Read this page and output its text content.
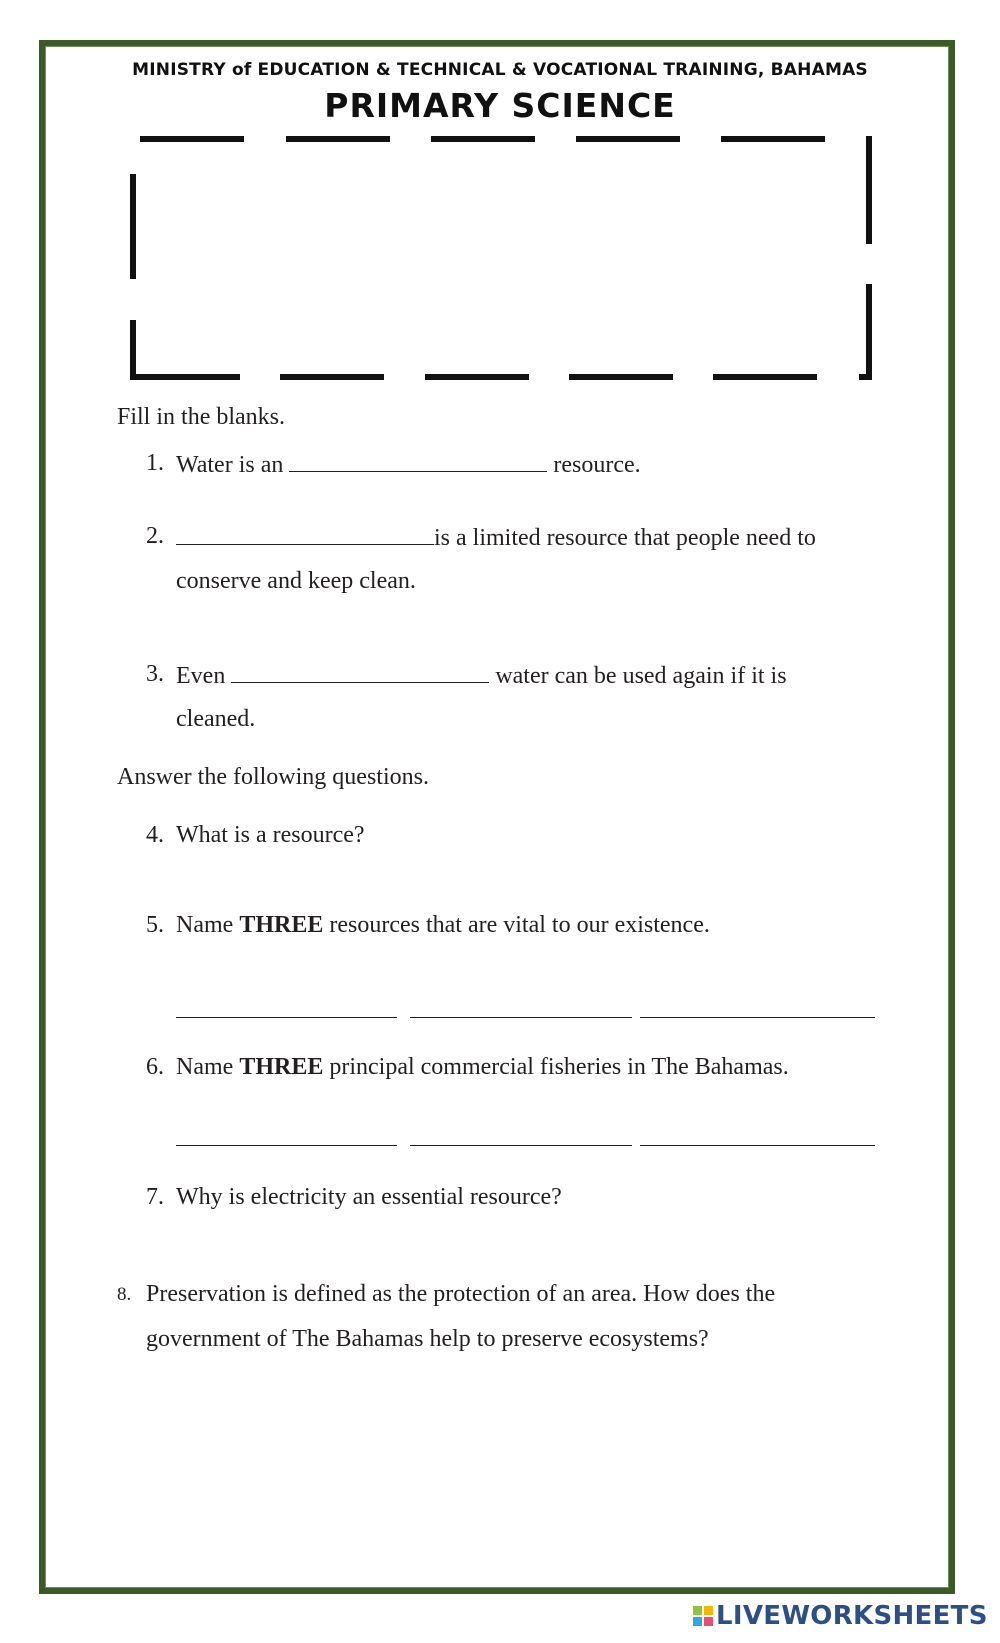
MINISTRY of EDUCATION & TECHNICAL & VOCATIONAL TRAINING, BAHAMAS
PRIMARY SCIENCE
Fill in the blanks.
1. Water is an	resource.
2.	is a limited resource that people need to
conserve and keep clean.
3. Even	water can be used again if it is
cleaned.
Answer the following questions.
4. What is a resource?
5. Name THREE resources that are vital to our existence.
6. Name THREE principal commercial fisheries in The Bahamas.
7. Why is electricity an essential resource?
8. Preservation is defined as the protection of an area. How does the
government of The Bahamas help to preserve ecosystems?
LIVEWORKSHEETS
